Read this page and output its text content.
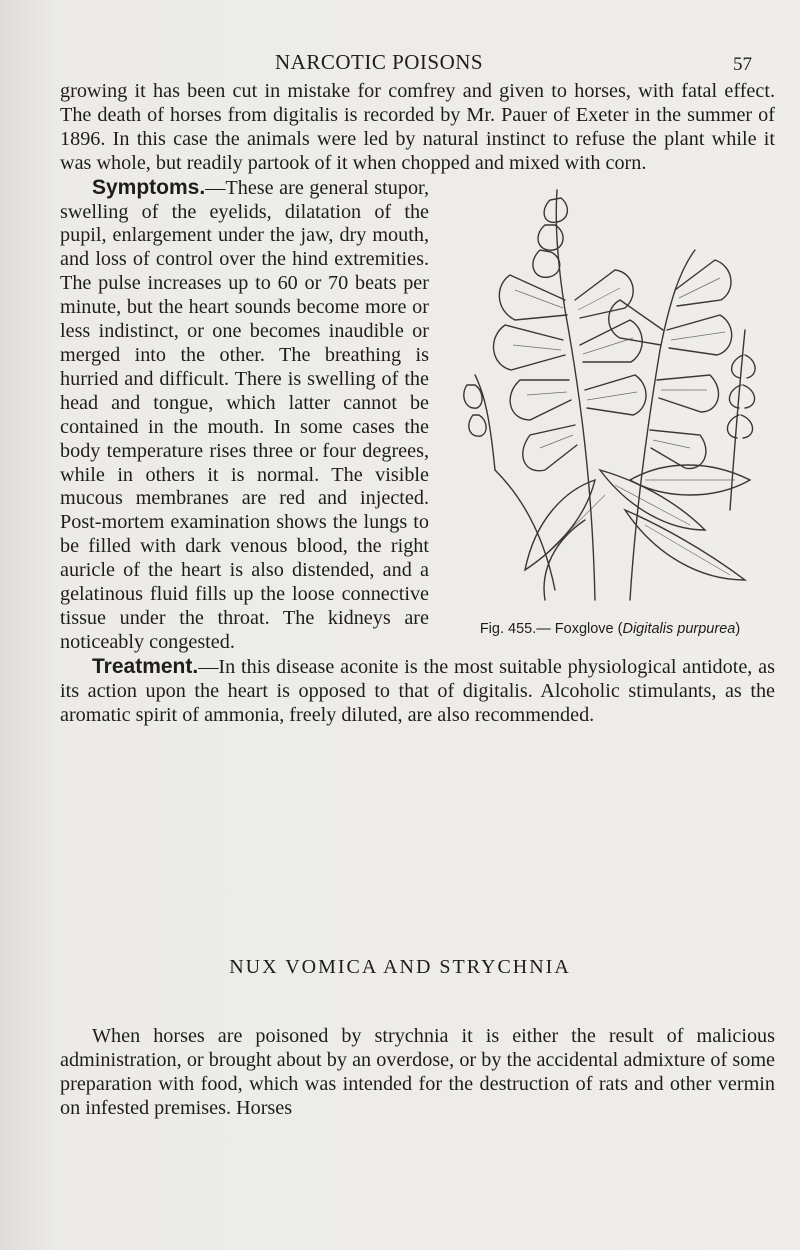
NARCOTIC POISONS	57

growing it has been cut in mistake for comfrey and given to horses, with fatal effect. The death of horses from digitalis is recorded by Mr. Pauer of Exeter in the summer of 1896. In this case the animals were led by natural instinct to refuse the plant while it was whole, but readily partook of it when chopped and mixed with corn.

Fig. 455.— Foxglove (Digitalis purpurea)

Symptoms.—These are general stupor, swelling of the eyelids, dilatation of the pupil, enlargement under the jaw, dry mouth, and loss of control over the hind extremities. The pulse increases up to 60 or 70 beats per minute, but the heart sounds become more or less indistinct, or one becomes inaudible or merged into the other. The breathing is hurried and difficult. There is swelling of the head and tongue, which latter cannot be contained in the mouth. In some cases the body temperature rises three or four degrees, while in others it is normal. The visible mucous membranes are red and injected. Post-mortem examination shows the lungs to be filled with dark venous blood, the right auricle of the heart is also distended, and a gelatinous fluid fills up the loose connective tissue under the throat. The kidneys are noticeably congested.

Treatment.—In this disease aconite is the most suitable physiological antidote, as its action upon the heart is opposed to that of digitalis. Alcoholic stimulants, as the aromatic spirit of ammonia, freely diluted, are also recommended.

NUX VOMICA AND STRYCHNIA

When horses are poisoned by strychnia it is either the result of malicious administration, or brought about by an overdose, or by the accidental admixture of some preparation with food, which was intended for the destruction of rats and other vermin on infested premises. Horses
